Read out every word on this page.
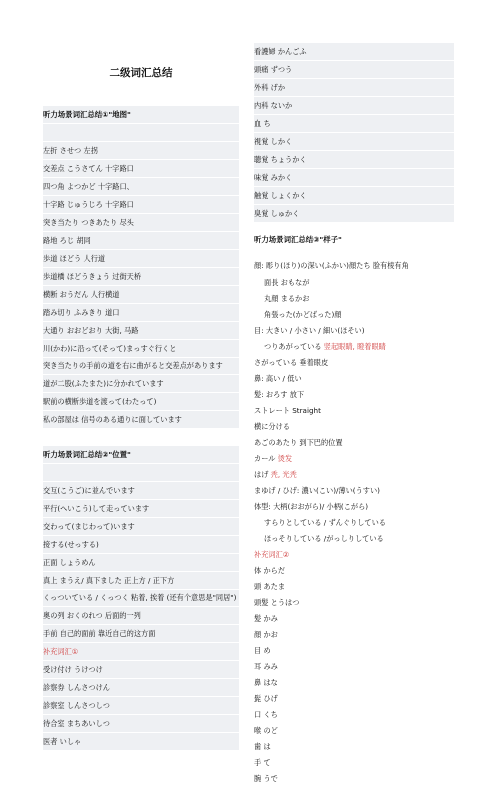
二级词汇总结
听力场景词汇总结①"地图"
左折 させつ 左拐
交差点 こうさてん 十字路口
四つ角 よつかど 十字路口、
十字路 じゅうじろ 十字路口
突き当たり つきあたり 尽头
路地 ろじ 胡同
歩道 ほどう 人行道
歩道橋 ほどうきょう 过街天桥
横断 おうだん 人行横道
踏み切り ふみきり 道口
大通り おおどおり 大街, 马路
川(かわ)に沿って(そって)まっすぐ行くと
突き当たりの手前の道を右に曲がると交差点があります
道が二股(ふたまた)に分かれています
駅前の横断歩道を渡って(わたって)
私の部屋は 信号のある通りに面しています
听力场景词汇总结②"位置"
交互(こうご)に並んでいます
平行(へいこう)して走っています
交わって(まじわって)います
接する(せっする)
正面 しょうめん
真上 まうえ/ 真下ました 正上方 / 正下方
くっついている / くっつく 粘着, 挨着 (还有个意思是"同居")
奥の列 おくのれつ 后面的一列
手前 自己的面前 靠近自己的这方面
补充词汇①
受け付け うけつけ
診察券 しんさつけん
診察室 しんさつしつ
待合室 まちあいしつ
医者 いしゃ
看護婦 かんごふ
頭痛 ずつう
外科 げか
内科 ないか
血 ち
視覚 しかく
聴覚 ちょうかく
味覚 みかく
触覚 しょくかく
臭覚 しゅかく
听力场景词汇总结③"样子"
顔: 彫り(ほり)の深い(ふかい)顔たち 脸有棱有角
面長 おもなが
丸顔 まるかお
角張った(かどばった)顔
目: 大きい / 小さい / 細い(ほそい)
つりあがっている 竖起眼睛, 瞪着眼睛
さがっている 垂着眼皮
鼻: 高い / 低い
髪: おろす 放下
ストレート Straight
横に分ける
あごのあたり 到下巴的位置
カール 烫发
はげ 秃, 光秃
まゆげ / ひげ: 濃い(こい)/薄い(うすい)
体型: 大柄(おおがら)/ 小柄(こがら)
すらりとしている / ずんぐりしている
ほっそりしている /がっしりしている
补充词汇②
体 からだ
頭 あたま
頭髪 とうはつ
髪 かみ
顔 かお
目 め
耳 みみ
鼻 はな
髭 ひげ
口 くち
喉 のど
歯 は
手 て
腕 うで
